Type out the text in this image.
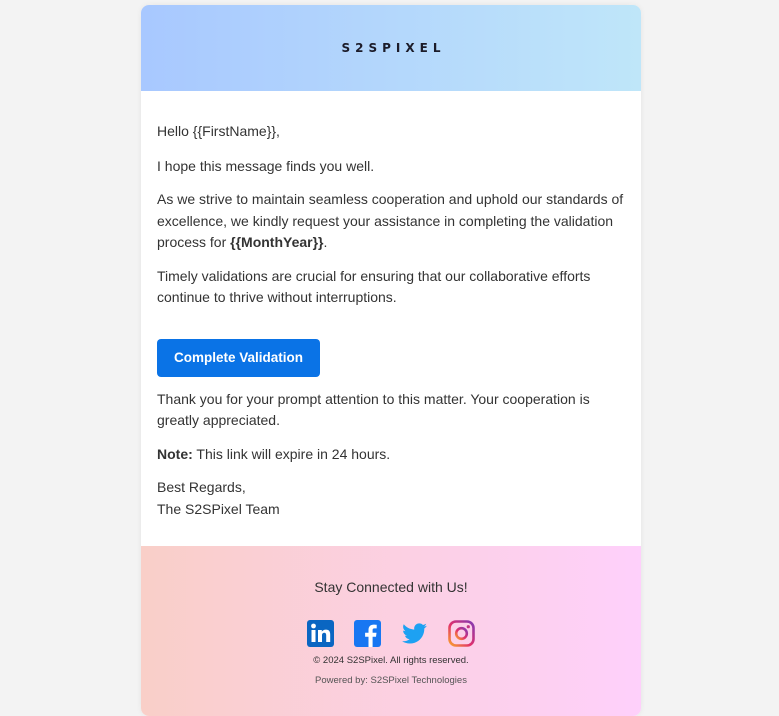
S2SPIXEL

Hello {{FirstName}},

I hope this message finds you well.

As we strive to maintain seamless cooperation and uphold our standards of excellence, we kindly request your assistance in completing the validation process for {{MonthYear}}.

Timely validations are crucial for ensuring that our collaborative efforts continue to thrive without interruptions.

Complete Validation

Thank you for your prompt attention to this matter. Your cooperation is greatly appreciated.

Note: This link will expire in 24 hours.

Best Regards,
The S2SPixel Team

Stay Connected with Us!
© 2024 S2SPixel. All rights reserved.
Powered by: S2SPixel Technologies
